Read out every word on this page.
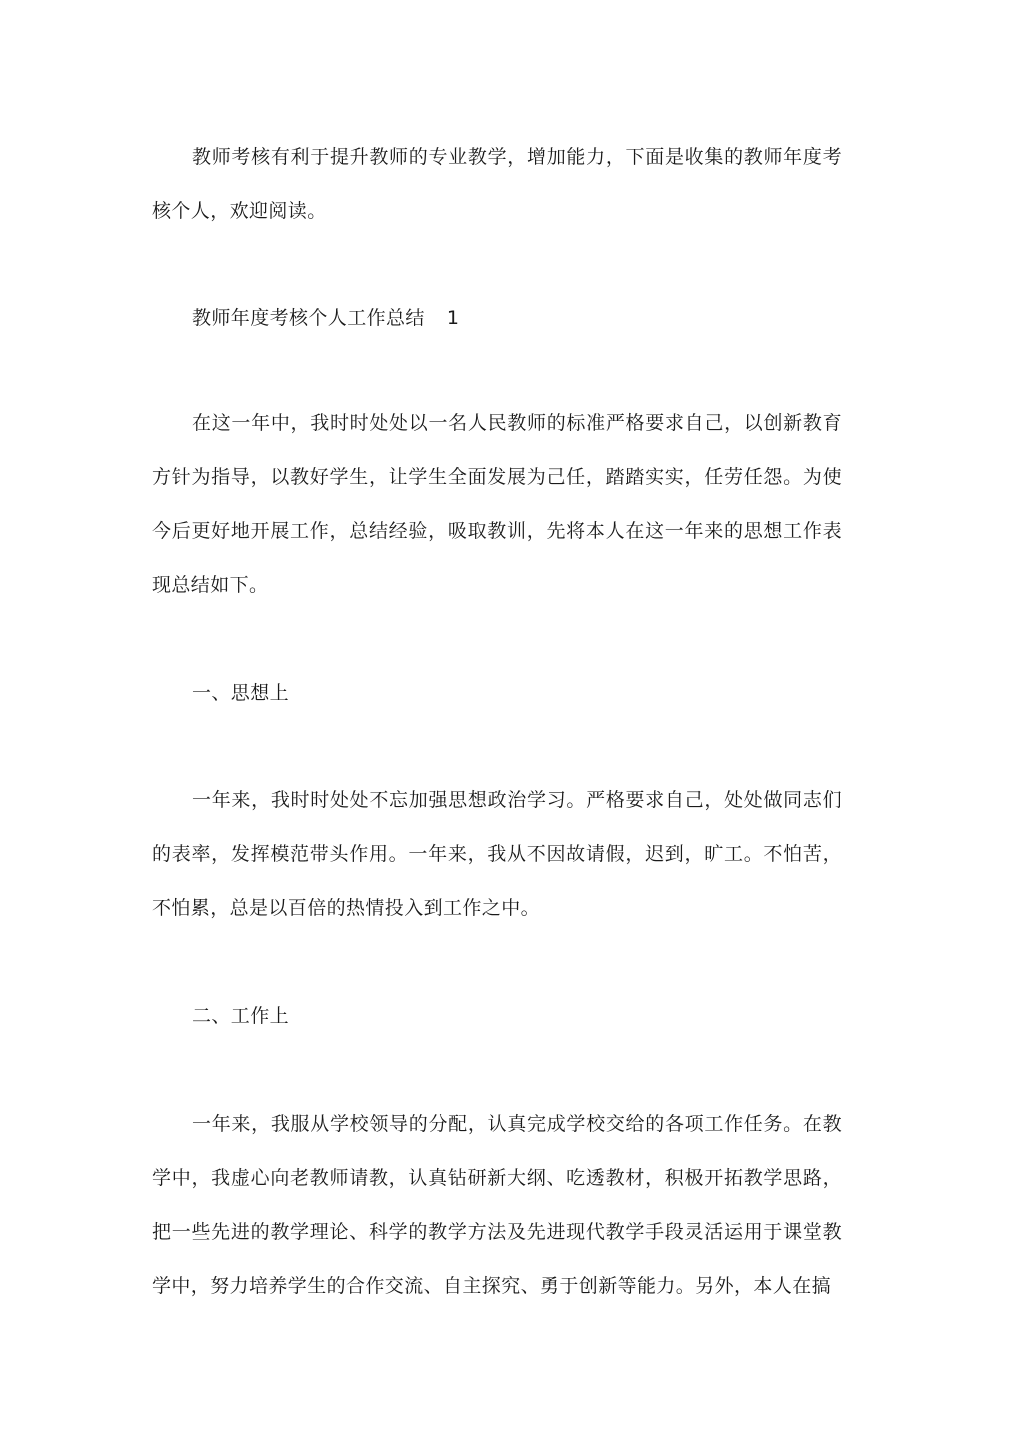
教师考核有利于提升教师的专业教学，增加能力，下面是收集的教师年度考核个人，欢迎阅读。

教师年度考核个人工作总结 1

在这一年中，我时时处处以一名人民教师的标准严格要求自己，以创新教育方针为指导，以教好学生，让学生全面发展为己任，踏踏实实，任劳任怨。为使今后更好地开展工作，总结经验，吸取教训，先将本人在这一年来的思想工作表现总结如下。

一、思想上

一年来，我时时处处不忘加强思想政治学习。严格要求自己，处处做同志们的表率，发挥模范带头作用。一年来，我从不因故请假，迟到，旷工。不怕苦，不怕累，总是以百倍的热情投入到工作之中。

二、工作上

一年来，我服从学校领导的分配，认真完成学校交给的各项工作任务。在教学中，我虚心向老教师请教，认真钻研新大纲、吃透教材，积极开拓教学思路，把一些先进的教学理论、科学的教学方法及先进现代教学手段灵活运用于课堂教学中，努力培养学生的合作交流、自主探究、勇于创新等能力。另外，本人在搞
